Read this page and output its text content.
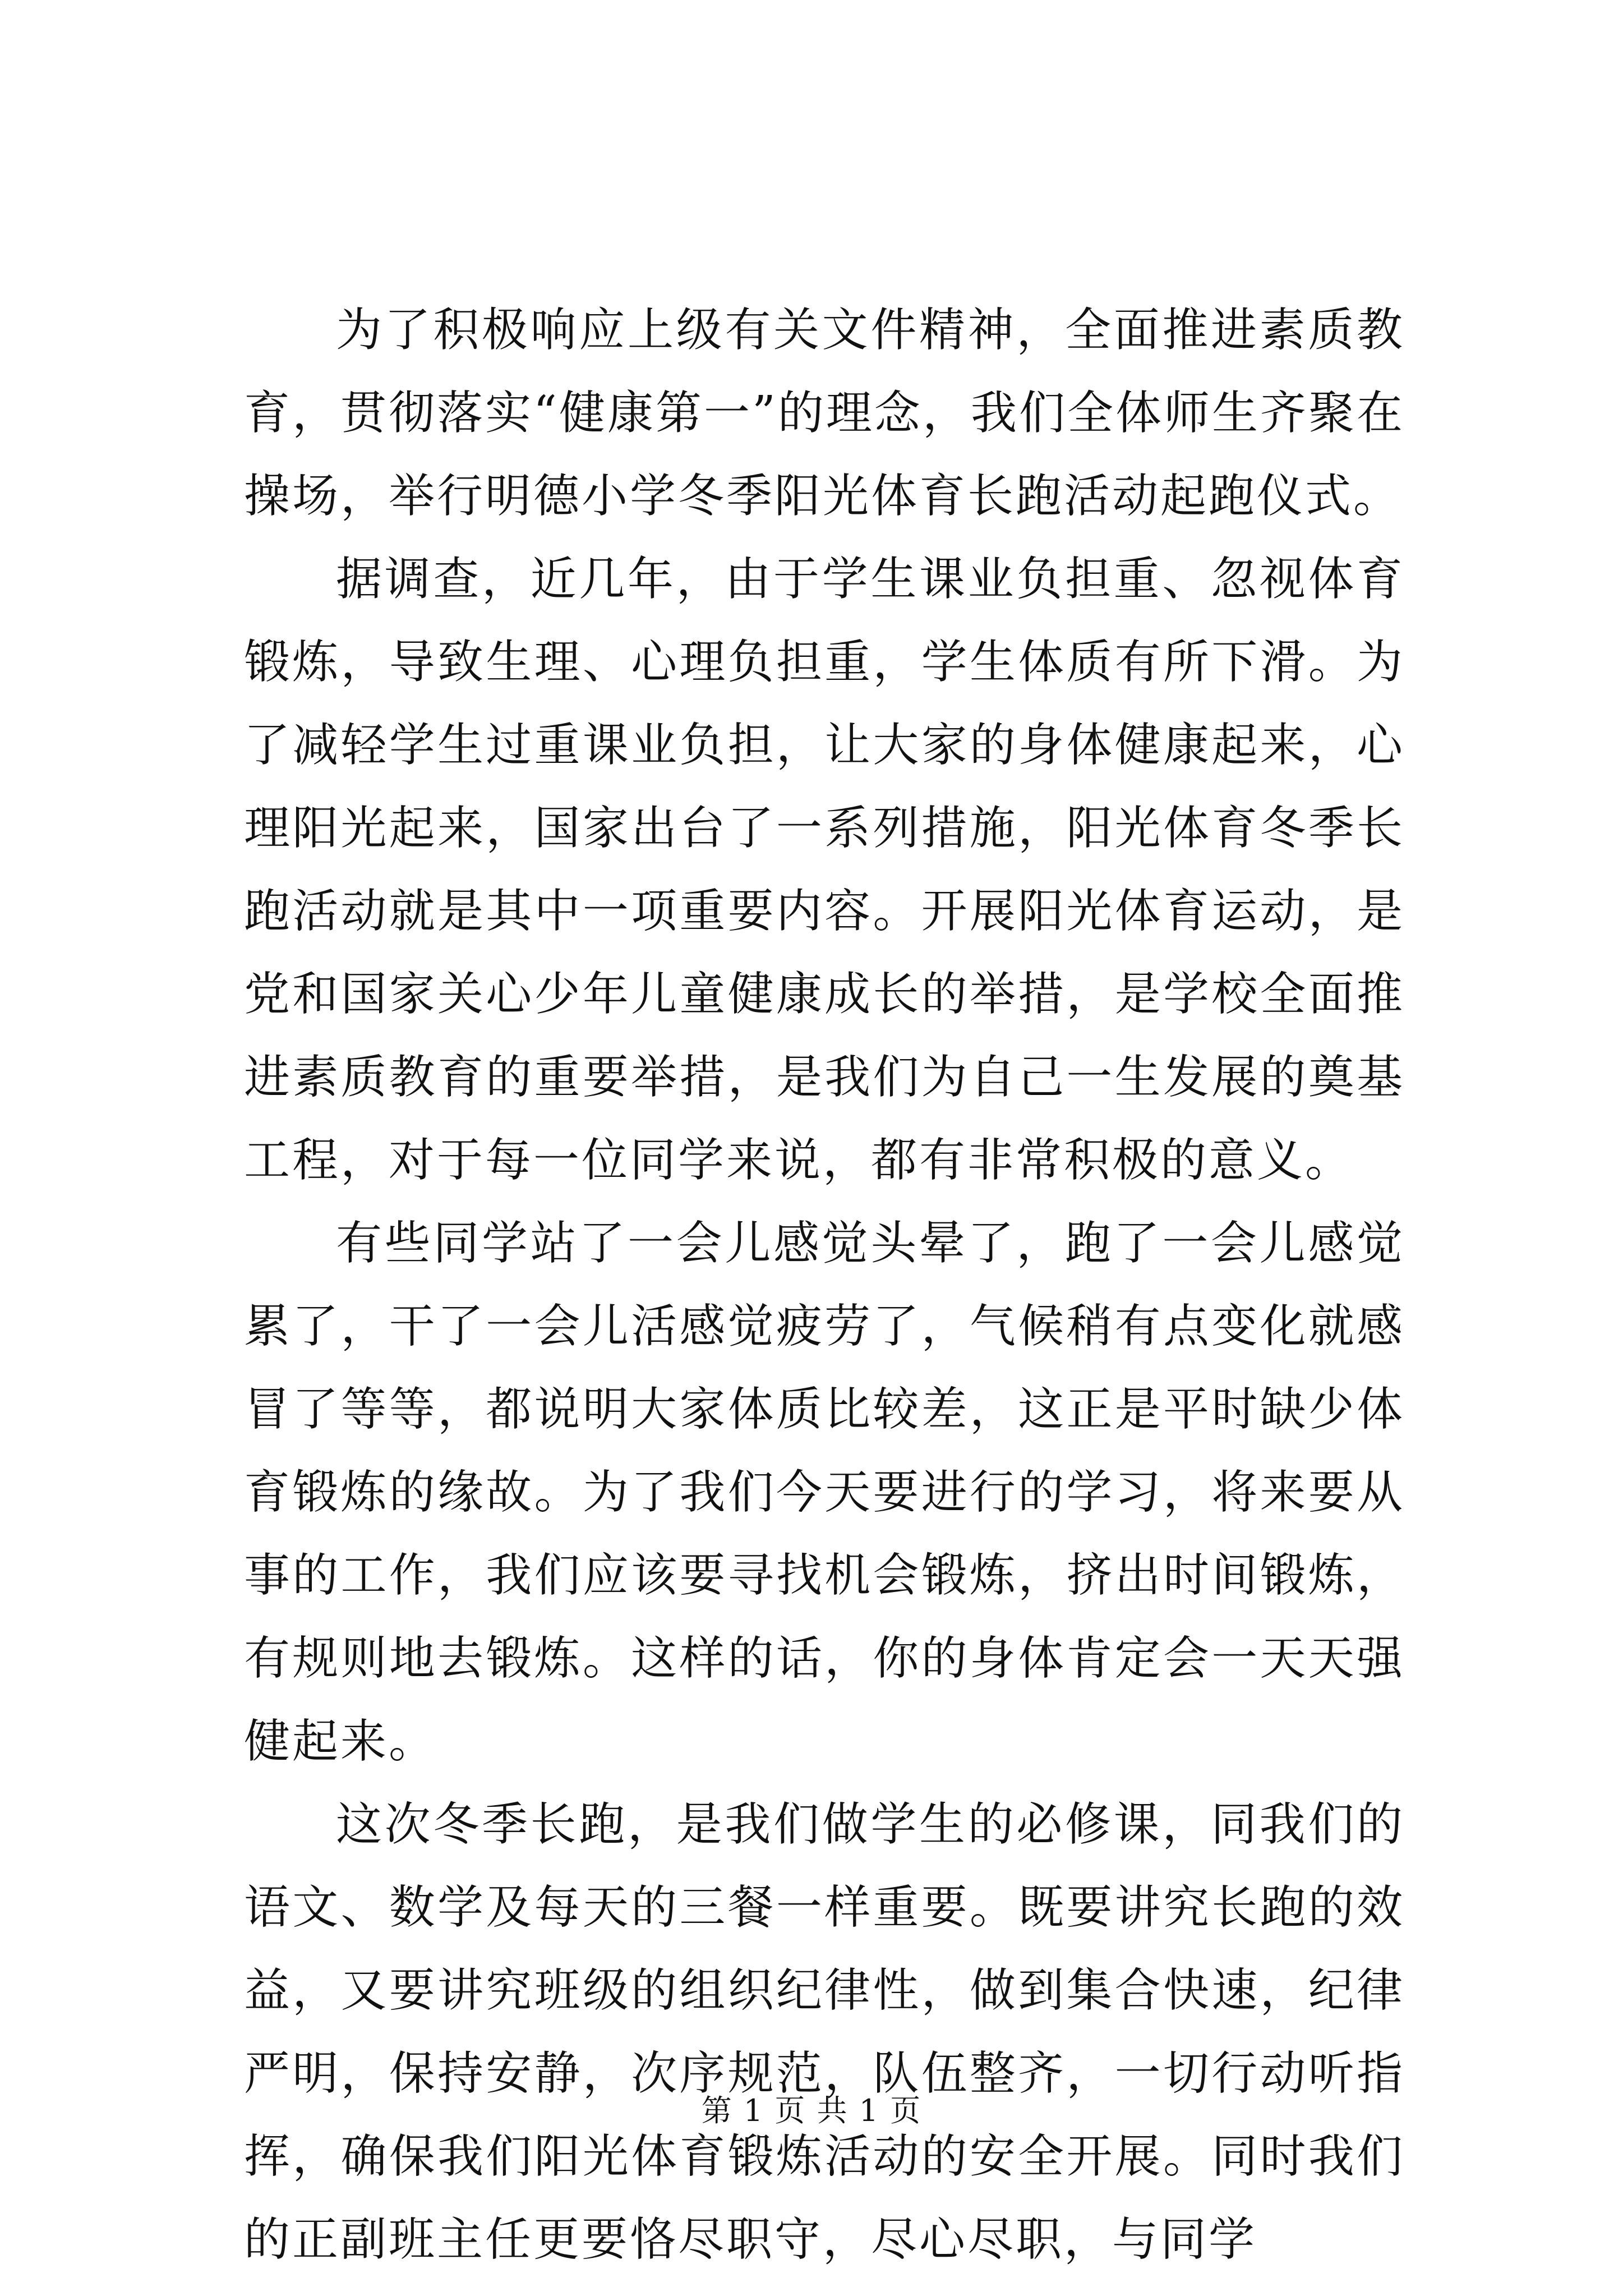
为了积极响应上级有关文件精神，全面推进素质教育，贯彻落实“健康第一”的理念，我们全体师生齐聚在操场，举行明德小学冬季阳光体育长跑活动起跑仪式。

据调查，近几年，由于学生课业负担重、忽视体育锻炼，导致生理、心理负担重，学生体质有所下滑。为了减轻学生过重课业负担，让大家的身体健康起来，心理阳光起来，国家出台了一系列措施，阳光体育冬季长跑活动就是其中一项重要内容。开展阳光体育运动，是党和国家关心少年儿童健康成长的举措，是学校全面推进素质教育的重要举措，是我们为自己一生发展的奠基工程，对于每一位同学来说，都有非常积极的意义。

有些同学站了一会儿感觉头晕了，跑了一会儿感觉累了，干了一会儿活感觉疲劳了，气候稍有点变化就感冒了等等，都说明大家体质比较差，这正是平时缺少体育锻炼的缘故。为了我们今天要进行的学习，将来要从事的工作，我们应该要寻找机会锻炼，挤出时间锻炼，有规则地去锻炼。这样的话，你的身体肯定会一天天强健起来。

这次冬季长跑，是我们做学生的必修课，同我们的语文、数学及每天的三餐一样重要。既要讲究长跑的效益，又要讲究班级的组织纪律性，做到集合快速，纪律严明，保持安静，次序规范，队伍整齐，一切行动听指挥，确保我们阳光体育锻炼活动的安全开展。同时我们的正副班主任更要恪尽职守，尽心尽职，与同学

第 1 页 共 1 页
